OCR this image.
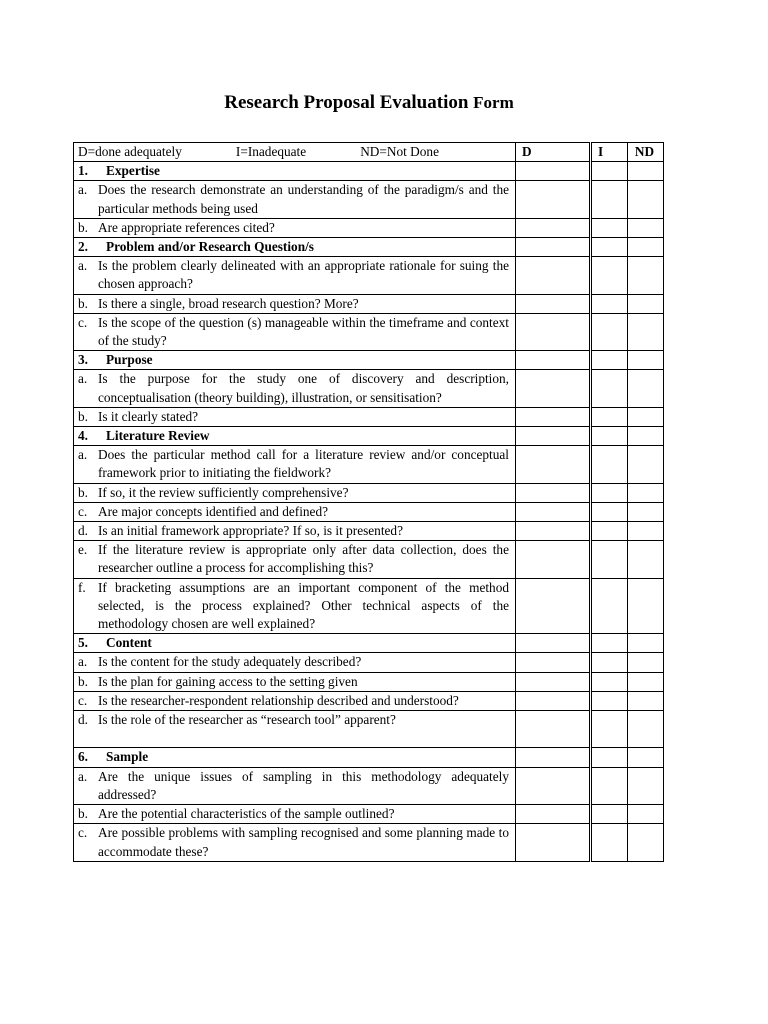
Research Proposal Evaluation Form
D=done adequately I=Inadequate ND=Not Done	D		I	ND

1. Expertise				

a. Does the research demonstrate an understanding of the paradigm/s and the particular methods being used				

b. Are appropriate references cited?				

2. Problem and/or Research Question/s				

a. Is the problem clearly delineated with an appropriate rationale for suing the chosen approach?				

b. Is there a single, broad research question? More?				

c. Is the scope of the question (s) manageable within the timeframe and context of the study?				

3. Purpose				

a. Is the purpose for the study one of discovery and description, conceptualisation (theory building), illustration, or sensitisation?				

b. Is it clearly stated?				

4. Literature Review				

a. Does the particular method call for a literature review and/or conceptual framework prior to initiating the fieldwork?				

b. If so, it the review sufficiently comprehensive?				

c. Are major concepts identified and defined?				

d. Is an initial framework appropriate? If so, is it presented?				

e. If the literature review is appropriate only after data collection, does the researcher outline a process for accomplishing this?				

f. If bracketing assumptions are an important component of the method selected, is the process explained? Other technical aspects of the methodology chosen are well explained?				

5. Content				

a. Is the content for the study adequately described?				

b. Is the plan for gaining access to the setting given				

c. Is the researcher-respondent relationship described and understood?				

d. Is the role of the researcher as “research tool” apparent?				

6. Sample				

a. Are the unique issues of sampling in this methodology adequately addressed?				

b. Are the potential characteristics of the sample outlined?				

c. Are possible problems with sampling recognised and some planning made to accommodate these?				
